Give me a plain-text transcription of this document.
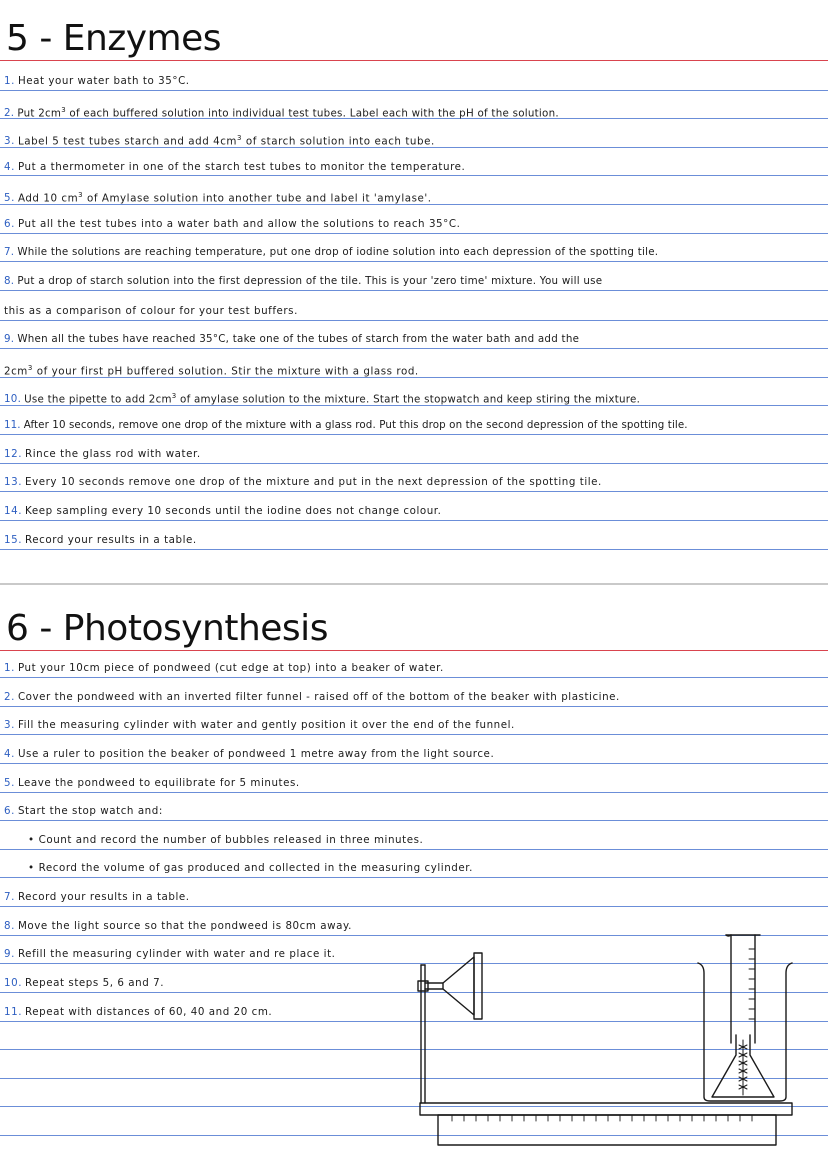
5 - Enzymes

1. Heat your water bath to 35°C.

2. Put $2cm^3$ of each buffered solution into individual test tubes. Label each with the pH of the solution.

3. Label 5 test tubes starch and add $4cm^3$ of starch solution into each tube.

4. Put a thermometer in one of the starch test tubes to monitor the temperature.

5. Add 10 $cm^3$ of Amylase solution into another tube and label it 'amylase'.

6. Put all the test tubes into a water bath and allow the solutions to reach 35°C.

7. While the solutions are reaching temperature, put one drop of iodine solution into each depression of the spotting tile.

8. Put a drop of starch solution into the first depression of the tile. This is your 'zero time' mixture. You will use

this as a comparison of colour for your test buffers.

9. When all the tubes have reached 35°C, take one of the tubes of starch from the water bath and add the

$2cm^3$ of your first pH buffered solution. Stir the mixture with a glass rod.

10. Use the pipette to add $2cm^3$ of amylase solution to the mixture. Start the stopwatch and keep stiring the mixture.

11. After 10 seconds, remove one drop of the mixture with a glass rod. Put this drop on the second depression of the spotting tile.

12. Rince the glass rod with water.

13. Every 10 seconds remove one drop of the mixture and put in the next depression of the spotting tile.

14. Keep sampling every 10 seconds until the iodine does not change colour.

15. Record your results in a table.

6 - Photosynthesis

1. Put your 10cm piece of pondweed (cut edge at top) into a beaker of water.

2. Cover the pondweed with an inverted filter funnel - raised off of the bottom of the beaker with plasticine.

3. Fill the measuring cylinder with water and gently position it over the end of the funnel.

4. Use a ruler to position the beaker of pondweed 1 metre away from the light source.

5. Leave the pondweed to equilibrate for 5 minutes.

6. Start the stop watch and:

• Count and record the number of bubbles released in three minutes.

• Record the volume of gas produced and collected in the measuring cylinder.

7. Record your results in a table.

8. Move the light source so that the pondweed is 80cm away.

9. Refill the measuring cylinder with water and re place it.

10. Repeat steps 5, 6 and 7.

11. Repeat with distances of 60, 40 and 20 cm.
